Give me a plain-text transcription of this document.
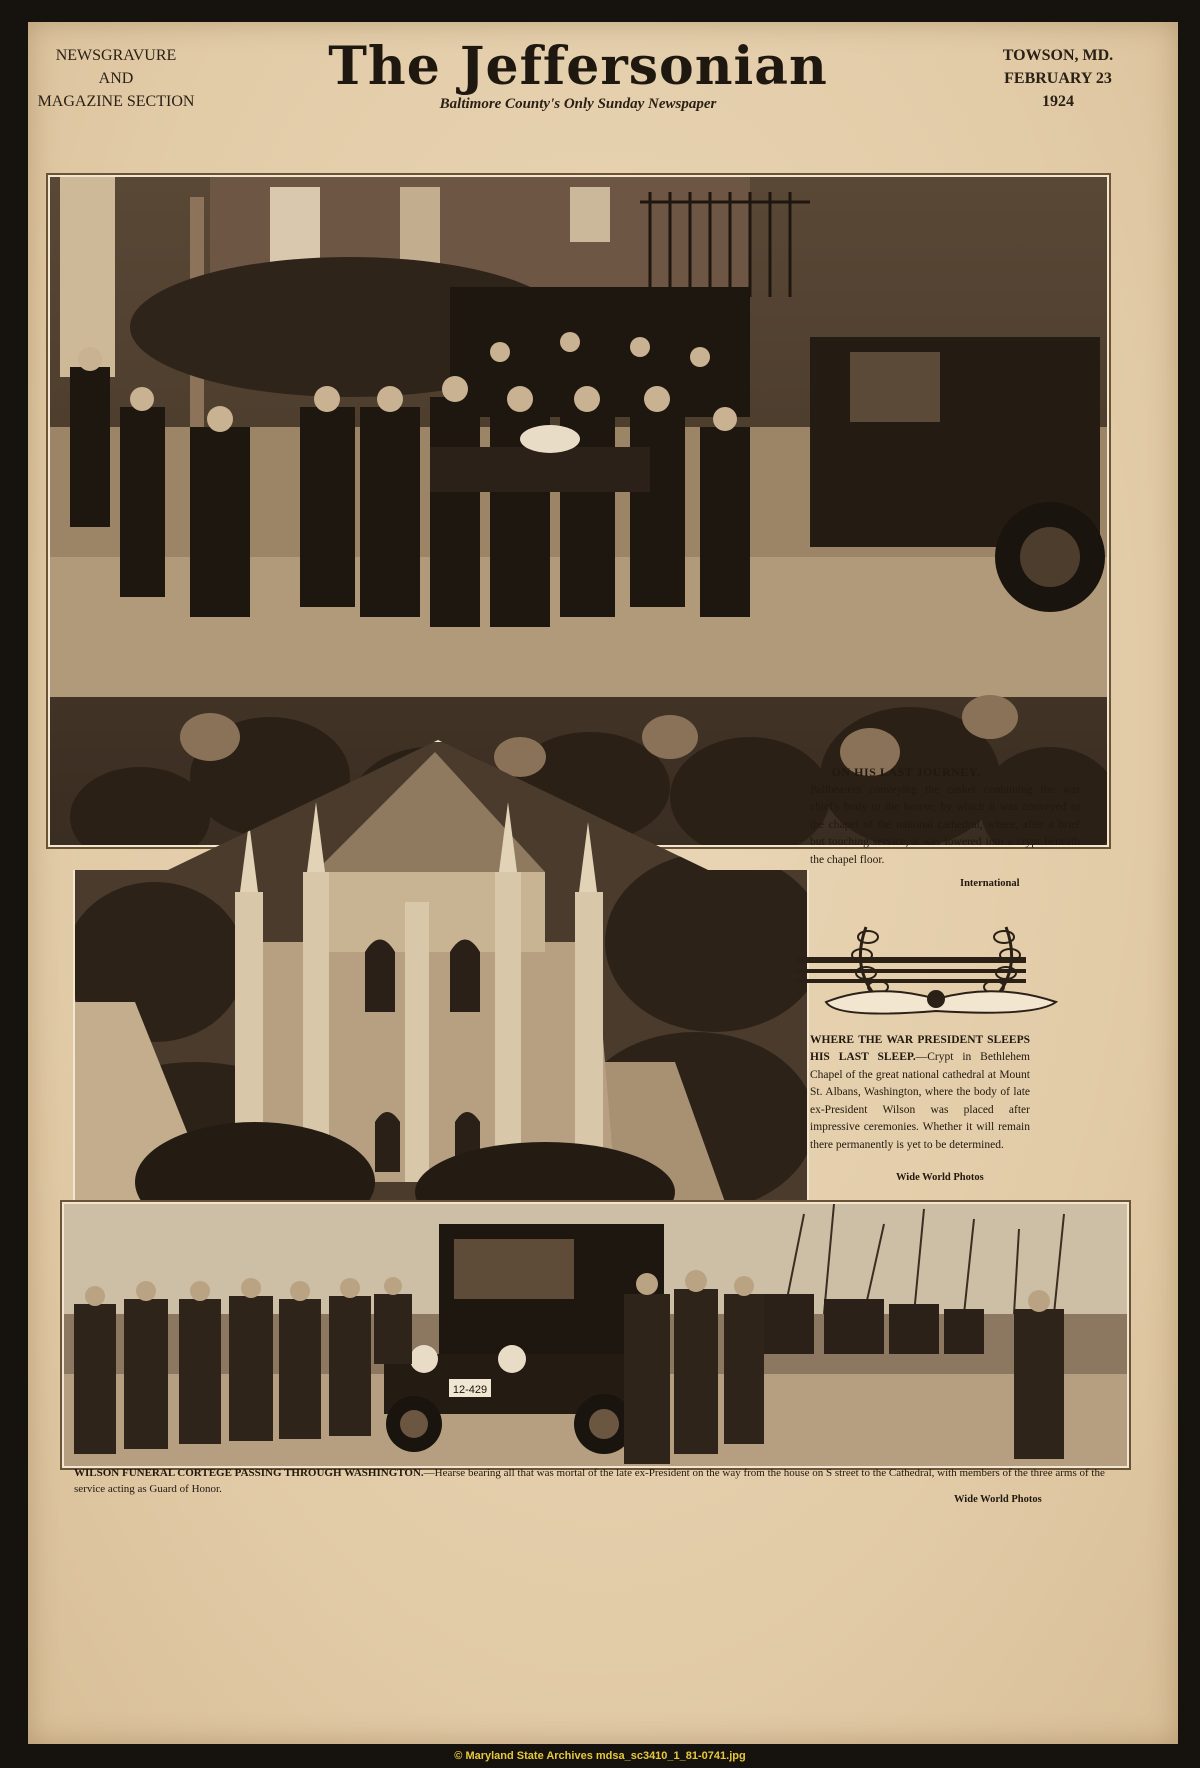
NEWSGRAVURE
AND
MAGAZINE SECTION
The Jeffersonian
Baltimore County's Only Sunday Newspaper
TOWSON, MD.
FEBRUARY 23
1924
ON HIS LAST JOURNEY.
Pallbearers conveying the casket containing the war chief's body to the hearse, by which it was conveyed to the chapel of the national cathedral, where, after a brief but touching service, it was lowered into a crypt beneath the chapel floor.
International
WHERE THE WAR PRESIDENT SLEEPS HIS LAST SLEEP.—Crypt in Bethlehem Chapel of the great national cathedral at Mount St. Albans, Washington, where the body of late ex-President Wilson was placed after impressive ceremonies. Whether it will remain there permanently is yet to be determined.
Wide World Photos
12-429
WILSON FUNERAL CORTEGE PASSING THROUGH WASHINGTON.—Hearse bearing all that was mortal of the late ex-President on the way from the house on S street to the Cathedral, with members of the three arms of the service acting as Guard of Honor.
Wide World Photos
© Maryland State Archives mdsa_sc3410_1_81-0741.jpg
